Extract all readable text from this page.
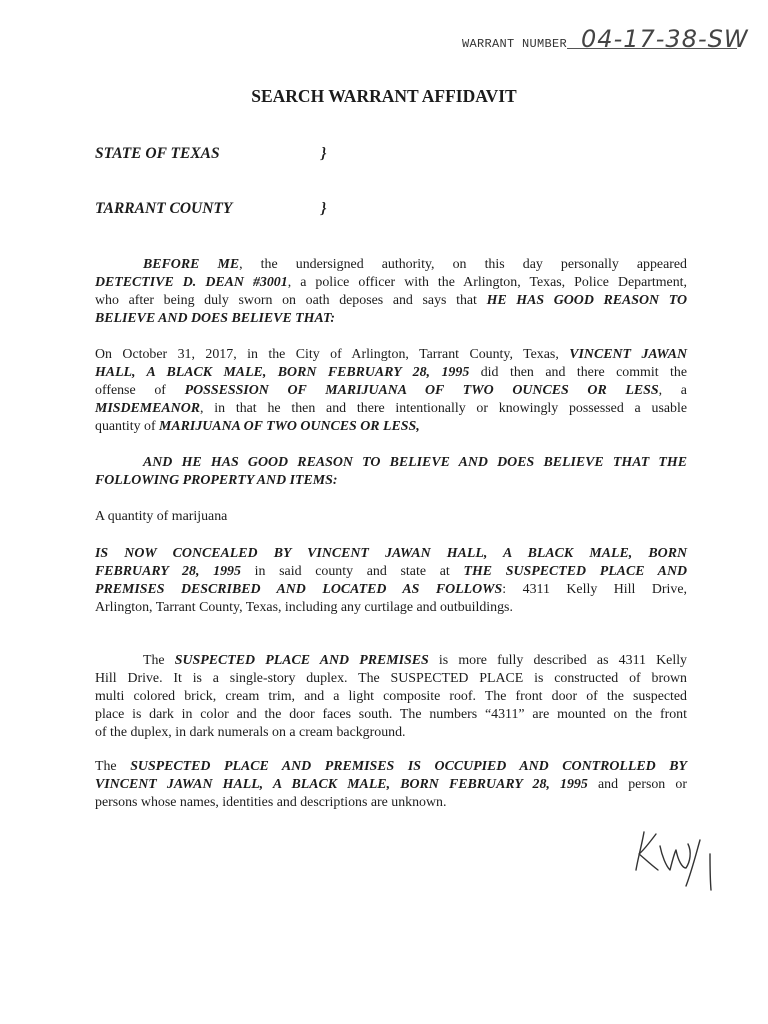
WARRANT NUMBER 04-17-38-SW
SEARCH WARRANT AFFIDAVIT
STATE OF TEXAS	}
TARRANT COUNTY	}
BEFORE ME, the undersigned authority, on this day personally appeared
DETECTIVE D. DEAN #3001, a police officer with the Arlington, Texas, Police Department,
who after being duly sworn on oath deposes and says that HE HAS GOOD REASON TO
BELIEVE AND DOES BELIEVE THAT:
On October 31, 2017, in the City of Arlington, Tarrant County, Texas, VINCENT JAWAN
HALL, A BLACK MALE, BORN FEBRUARY 28, 1995 did then and there commit the
offense of POSSESSION OF MARIJUANA OF TWO OUNCES OR LESS, a
MISDEMEANOR, in that he then and there intentionally or knowingly possessed a usable
quantity of MARIJUANA OF TWO OUNCES OR LESS,
AND HE HAS GOOD REASON TO BELIEVE AND DOES BELIEVE THAT THE
FOLLOWING PROPERTY AND ITEMS:
A quantity of marijuana
IS NOW CONCEALED BY VINCENT JAWAN HALL, A BLACK MALE, BORN
FEBRUARY 28, 1995 in said county and state at THE SUSPECTED PLACE AND
PREMISES DESCRIBED AND LOCATED AS FOLLOWS: 4311 Kelly Hill Drive,
Arlington, Tarrant County, Texas, including any curtilage and outbuildings.
The SUSPECTED PLACE AND PREMISES is more fully described as 4311 Kelly
Hill Drive. It is a single-story duplex. The SUSPECTED PLACE is constructed of brown
multi colored brick, cream trim, and a light composite roof. The front door of the suspected
place is dark in color and the door faces south. The numbers “4311” are mounted on the front
of the duplex, in dark numerals on a cream background.
The SUSPECTED PLACE AND PREMISES IS OCCUPIED AND CONTROLLED BY
VINCENT JAWAN HALL, A BLACK MALE, BORN FEBRUARY 28, 1995 and person or
persons whose names, identities and descriptions are unknown.
